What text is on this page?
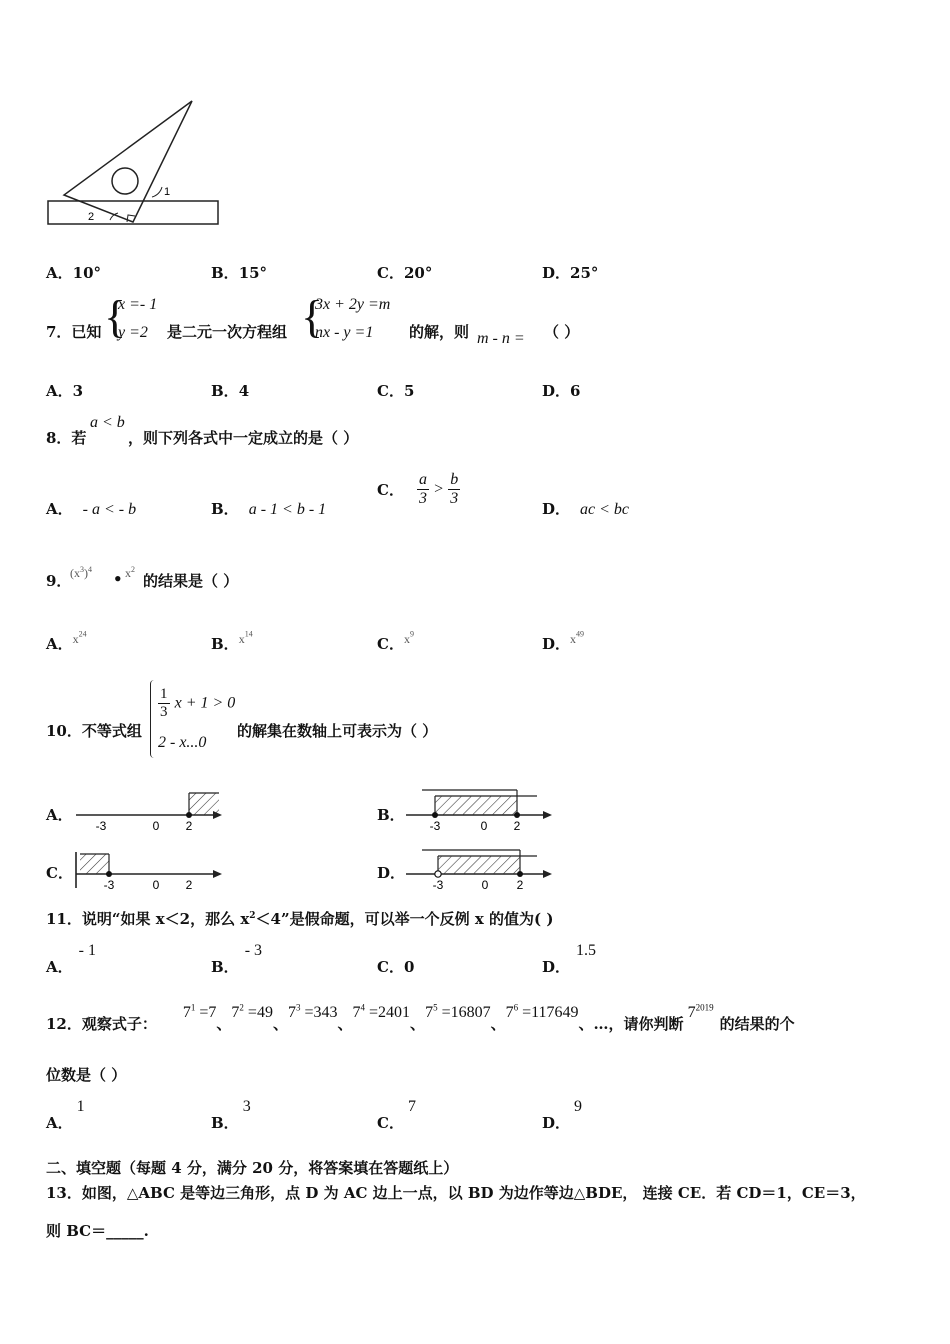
1
2
A．10°	B．15°	C．20°	D．25°
7．已知 {
x =- 1
y =2 是二元一次方程组 {
3x + 2y =m
nx - y =1 的解，则 m - n = （ ）
A．3	B．4	C．5	D．6
8．若
a < b
，则下列各式中一定成立的是（ ）
A． - a < - b	B． a - 1 < b - 1
C． $\frac{a}{3} > \frac{b}{3}$
D． ac < bc
9．
$(x^3)^4$
• $x^2$
的结果是（ ）
A．$x^{24}$
B．$x^{14}$
C．$x^9$
D．$x^{49}$
10．不等式组
$\frac{1}{3}$ x + 1 > 0
2 - x...0
的解集在数轴上可表示为（ ）
A．
-3	0 2
B．
-3	0 2
C．
-3	0 2
D．
-3	0 2
11．说明“如果 x＜2，那么 $x^2<4$”是假命题，可以举一个反例 x 的值为( )
A．- 1
B．- 3
C．0	D．1.5
12．观察式子：$7^1 =7$、$7^2 =49$、$7^3 =343$、$7^4 =2401$、$7^5 =16807$、$7^6 =117649$、…，请你判断$7^{2019}$的结果的个
位数是（ ）
A．1
B．3
C．7
D．9
二、填空题（每题 4 分，满分 20 分，将答案填在答题纸上）
13．如图，△ABC 是等边三角形，点 D 为 AC 边上一点，以 BD 为边作等边△BDE， 连接 CE．若 CD＝1，CE＝3，
则 BC＝_____.
